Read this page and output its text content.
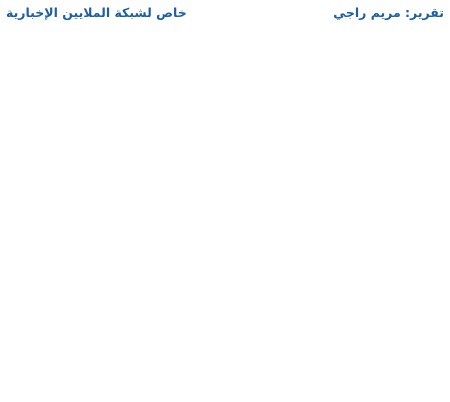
تقرير: مريم راجي
خاص لشبكة الملايين الإخبارية
